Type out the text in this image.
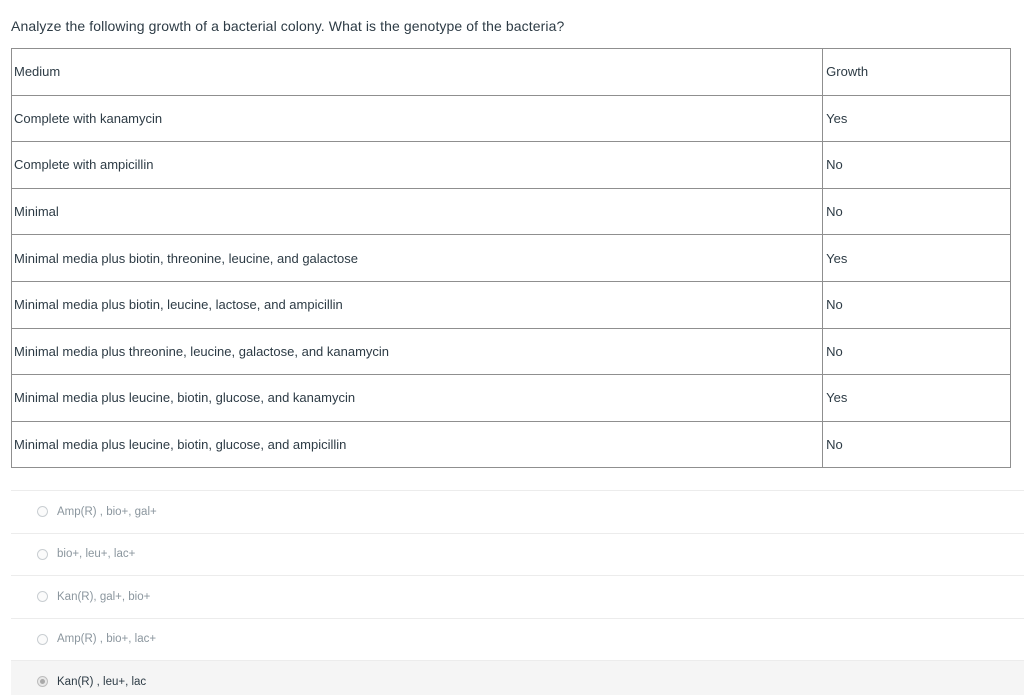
Analyze the following growth of a bacterial colony. What is the genotype of the bacteria?
Medium	Growth
Complete with kanamycin	Yes
Complete with ampicillin	No
Minimal	No
Minimal media plus biotin, threonine, leucine, and galactose	Yes
Minimal media plus biotin, leucine, lactose, and ampicillin	No
Minimal media plus threonine, leucine, galactose, and kanamycin	No
Minimal media plus leucine, biotin, glucose, and kanamycin	Yes
Minimal media plus leucine, biotin, glucose, and ampicillin	No
Amp(R) , bio+, gal+
bio+, leu+, lac+
Kan(R), gal+, bio+
Amp(R) , bio+, lac+
Kan(R) , leu+, lac
